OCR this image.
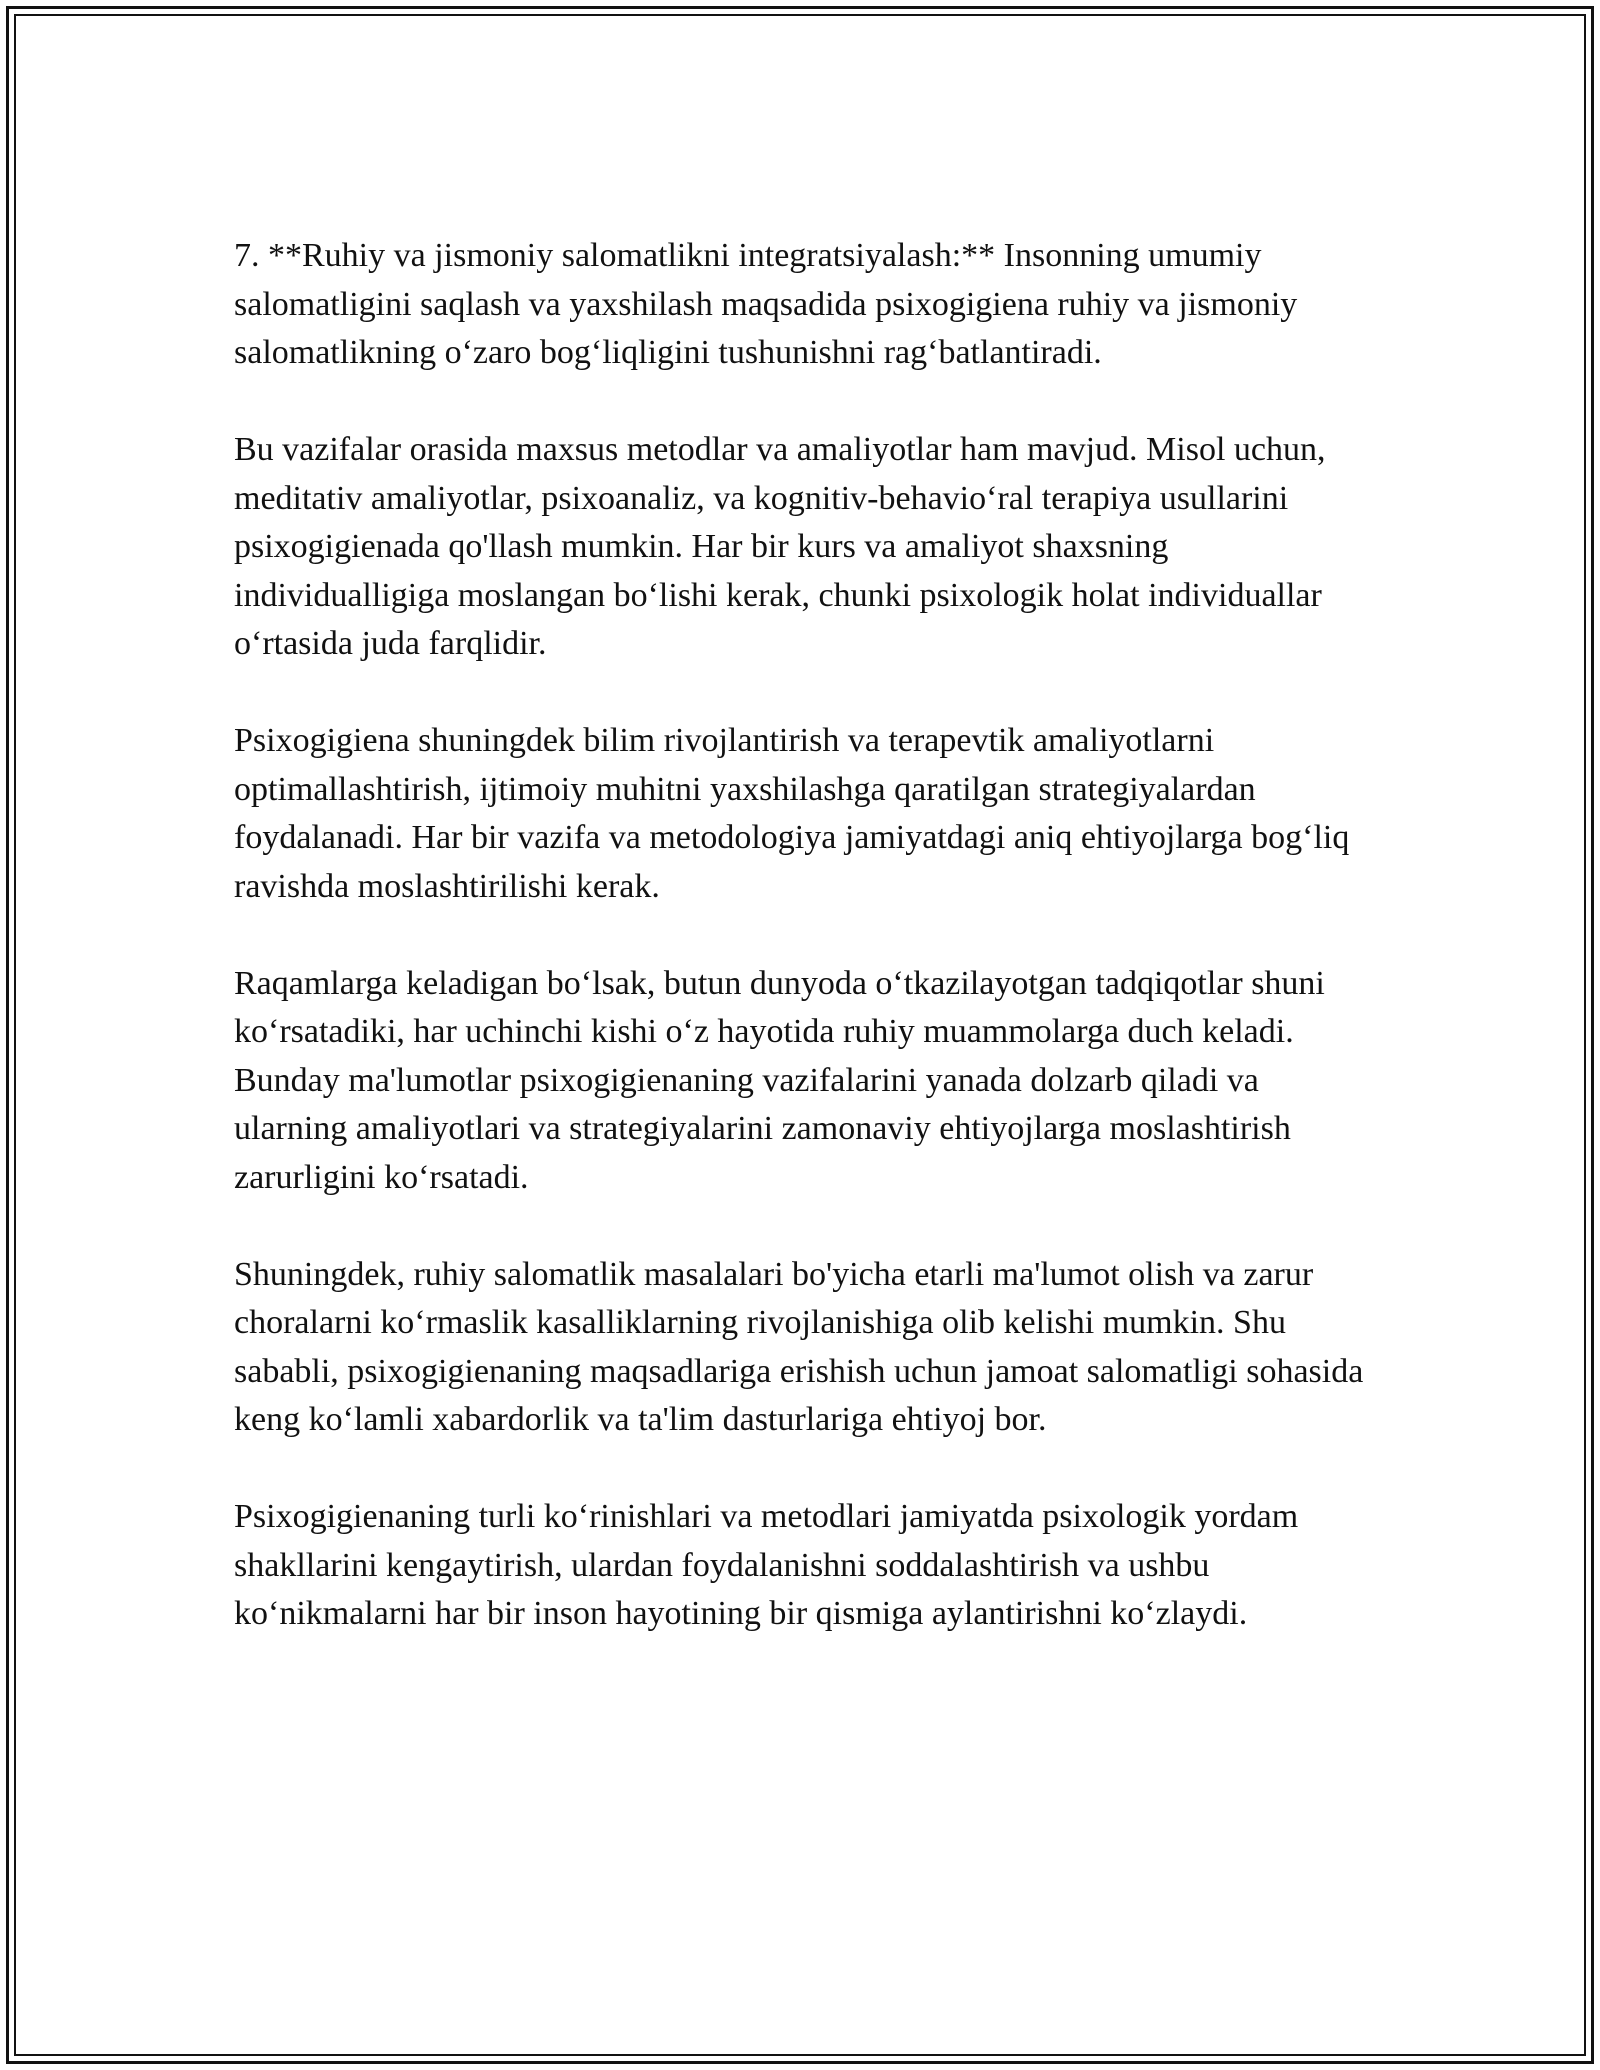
7. **Ruhiy va jismoniy salomatlikni integratsiyalash:** Insonning umumiy salomatligini saqlash va yaxshilash maqsadida psixogigiena ruhiy va jismoniy salomatlikning o‘zaro bog‘liqligini tushunishni rag‘batlantiradi.

Bu vazifalar orasida maxsus metodlar va amaliyotlar ham mavjud. Misol uchun, meditativ amaliyotlar, psixoanaliz, va kognitiv-behavio‘ral terapiya usullarini psixogigienada qo'llash mumkin. Har bir kurs va amaliyot shaxsning individualligiga moslangan bo‘lishi kerak, chunki psixologik holat individuallar o‘rtasida juda farqlidir.

Psixogigiena shuningdek bilim rivojlantirish va terapevtik amaliyotlarni optimallashtirish, ijtimoiy muhitni yaxshilashga qaratilgan strategiyalardan foydalanadi. Har bir vazifa va metodologiya jamiyatdagi aniq ehtiyojlarga bog‘liq ravishda moslashtirilishi kerak.

Raqamlarga keladigan bo‘lsak, butun dunyoda o‘tkazilayotgan tadqiqotlar shuni ko‘rsatadiki, har uchinchi kishi o‘z hayotida ruhiy muammolarga duch keladi. Bunday ma'lumotlar psixogigienaning vazifalarini yanada dolzarb qiladi va ularning amaliyotlari va strategiyalarini zamonaviy ehtiyojlarga moslashtirish zarurligini ko‘rsatadi.

Shuningdek, ruhiy salomatlik masalalari bo'yicha etarli ma'lumot olish va zarur choralarni ko‘rmaslik kasalliklarning rivojlanishiga olib kelishi mumkin. Shu sababli, psixogigienaning maqsadlariga erishish uchun jamoat salomatligi sohasida keng ko‘lamli xabardorlik va ta'lim dasturlariga ehtiyoj bor.

Psixogigienaning turli ko‘rinishlari va metodlari jamiyatda psixologik yordam shakllarini kengaytirish, ulardan foydalanishni soddalashtirish va ushbu ko‘nikmalarni har bir inson hayotining bir qismiga aylantirishni ko‘zlaydi.
